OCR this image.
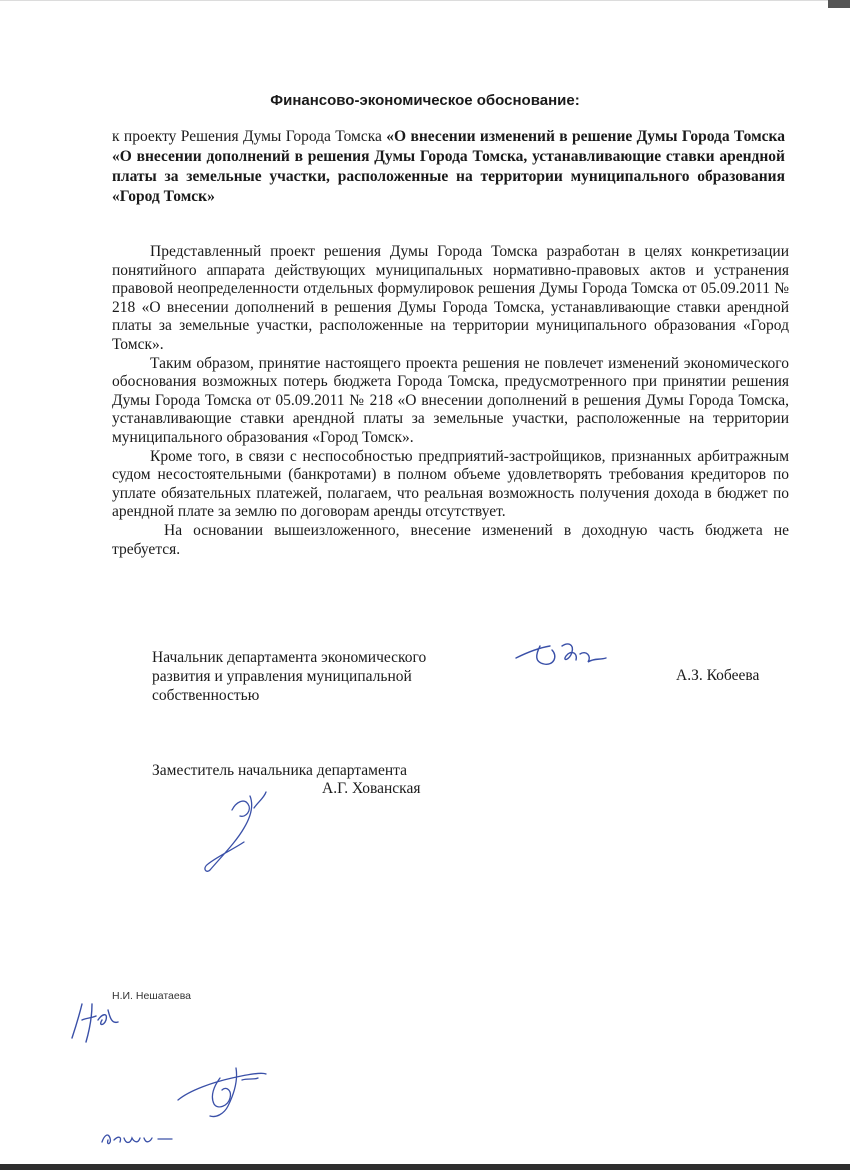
Финансово-экономическое обоснование:
к проекту Решения Думы Города Томска «О внесении изменений в решение Думы Города Томска «О внесении дополнений в решения Думы Города Томска, устанавливающие ставки арендной платы за земельные участки, расположенные на территории муниципального образования «Город Томск»

Представленный проект решения Думы Города Томска разработан в целях конкретизации понятийного аппарата действующих муниципальных нормативно-правовых актов и устранения правовой неопределенности отдельных формулировок решения Думы Города Томска от 05.09.2011 № 218 «О внесении дополнений в решения Думы Города Томска, устанавливающие ставки арендной платы за земельные участки, расположенные на территории муниципального образования «Город Томск».

Таким образом, принятие настоящего проекта решения не повлечет изменений экономического обоснования возможных потерь бюджета Города Томска, предусмотренного при принятии решения Думы Города Томска от 05.09.2011 № 218 «О внесении дополнений в решения Думы Города Томска, устанавливающие ставки арендной платы за земельные участки, расположенные на территории муниципального образования «Город Томск».

Кроме того, в связи с неспособностью предприятий-застройщиков, признанных арбитражным судом несостоятельными (банкротами) в полном объеме удовлетворять требования кредиторов по уплате обязательных платежей, полагаем, что реальная возможность получения дохода в бюджет по арендной плате за землю по договорам аренды отсутствует.

На основании вышеизложенного, внесение изменений в доходную часть бюджета не требуется.

Начальник департамента экономического развития и управления муниципальной собственностью
А.З. Кобеева
Заместитель начальника департамента
А.Г. Хованская
Н.И. Нешатаева
